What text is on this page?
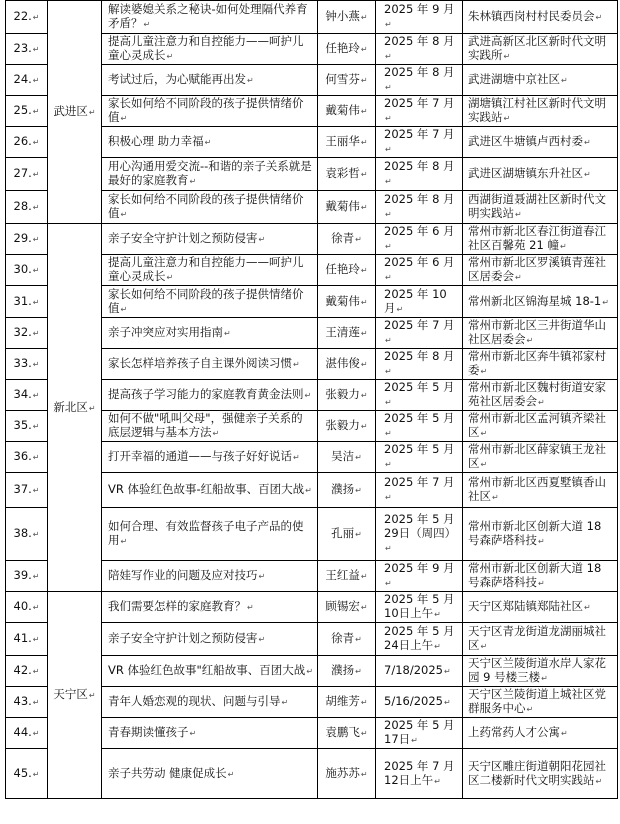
22.↵	武进区↵	解读婆媳关系之秘诀-如何处理隔代养育矛盾？↵	钟小燕↵	2025 年 9 月↵	朱林镇西岗村村民委员会↵
23.↵		提高儿童注意力和自控能力——呵护儿童心灵成长↵	任艳玲↵	2025 年 8 月↵	武进高新区北区新时代文明实践所↵
24.↵		考试过后，为心赋能再出发↵	何雪芬↵	2025 年 8 月↵	武进湖塘中京社区↵
25.↵		家长如何给不同阶段的孩子提供情绪价值↵	戴菊伟↵	2025 年 7 月↵	湖塘镇江村社区新时代文明实践站↵
26.↵		积极心理 助力幸福↵	王丽华↵	2025 年 7 月↵	武进区牛塘镇卢西村委↵
27.↵		用心沟通用爱交流--和谐的亲子关系就是最好的家庭教育↵	袁彩哲↵	2025 年 8 月↵	武进区湖塘镇东升社区↵
28.↵		家长如何给不同阶段的孩子提供情绪价值↵	戴菊伟↵	2025 年 8 月↵	西湖街道聂湖社区新时代文明实践站↵
29.↵	新北区↵	亲子安全守护计划之预防侵害↵	徐青↵	2025 年 6 月↵	常州市新北区春江街道春江社区百馨苑 21 幢↵
30.↵		提高儿童注意力和自控能力——呵护儿童心灵成长↵	任艳玲↵	2025 年 6 月↵	常州市新北区罗溪镇青莲社区居委会↵
31.↵		家长如何给不同阶段的孩子提供情绪价值↵	戴菊伟↵	2025 年 10 月↵	常州新北区锦海星城 18-1↵
32.↵		亲子冲突应对实用指南↵	王清莲↵	2025 年 7 月↵	常州市新北区三井街道华山社区居委会↵
33.↵		家长怎样培养孩子自主课外阅读习惯↵	湛伟俊↵	2025 年 8 月↵	常州市新北区奔牛镇祁家村委↵
34.↵		提高孩子学习能力的家庭教育黄金法则↵	张毅力↵	2025 年 5 月↵	常州市新北区魏村街道安家苑社区居委会↵
35.↵		如何不做"吼叫父母"，强健亲子关系的底层逻辑与基本方法↵	张毅力↵	2025 年 5 月↵	常州市新北区孟河镇齐梁社区↵
36.↵		打开幸福的通道——与孩子好好说话↵	吴洁↵	2025 年 5 月↵	常州市新北区薛家镇王龙社区↵
37.↵		VR 体验红色故事-红船故事、百团大战↵	濮扬↵	2025 年 7 月↵	常州市新北区西夏墅镇香山社区↵
38.↵		如何合理、有效监督孩子电子产品的使用↵	孔丽↵	2025 年 5 月 29日（周四）↵	常州市新北区创新大道 18 号森萨塔科技↵
39.↵		陪娃写作业的问题及应对技巧↵	王红益↵	2025 年 9 月↵	常州市新北区创新大道 18 号森萨塔科技↵
40.↵	天宁区↵	我们需要怎样的家庭教育？↵	顾锡宏↵	2025 年 5 月 10日上午↵	天宁区郑陆镇郑陆社区↵
41.↵		亲子安全守护计划之预防侵害↵	徐青↵	2025 年 5 月 24日上午↵	天宁区青龙街道龙湖丽城社区↵
42.↵		VR 体验红色故事"红船故事、百团大战↵	濮扬↵	7/18/2025↵	天宁区兰陵街道水岸人家花园 9 号楼三楼↵
43.↵		青年人婚恋观的现状、问题与引导↵	胡维芳↵	5/16/2025↵	天宁区兰陵街道上城社区党群服务中心↵
44.↵		青春期读懂孩子↵	袁鹏飞↵	2025 年 5 月 17日↵	上药常药人才公寓↵
45.↵		亲子共劳动 健康促成长↵	施苏苏↵	2025 年 7 月 12日上午↵	天宁区雕庄街道朝阳花园社区二楼新时代文明实践站↵
